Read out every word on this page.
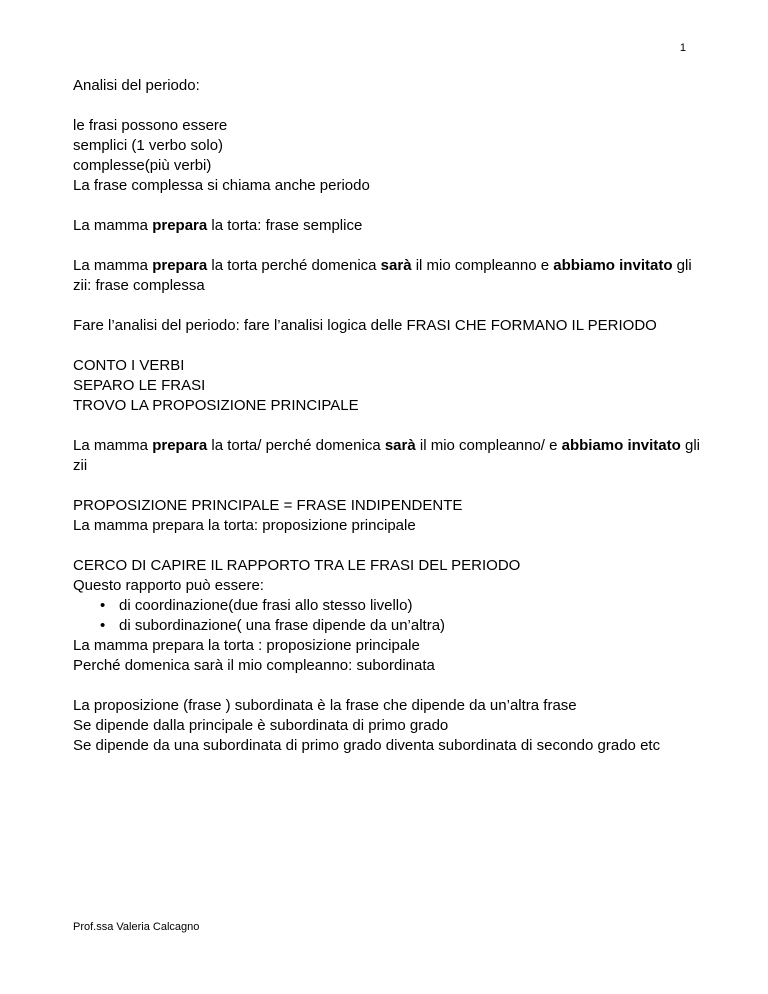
1
Analisi del periodo:
le frasi possono essere
semplici (1 verbo solo)
complesse(più verbi)
La frase complessa si chiama anche periodo
La mamma prepara la torta: frase semplice
La mamma prepara la torta perché domenica sarà il mio compleanno e abbiamo invitato gli zii: frase complessa
Fare l’analisi del periodo: fare l’analisi logica delle FRASI CHE FORMANO IL PERIODO
CONTO I VERBI
SEPARO LE FRASI
TROVO LA PROPOSIZIONE PRINCIPALE
La mamma prepara la torta/ perché domenica sarà il mio compleanno/ e abbiamo invitato gli zii
PROPOSIZIONE PRINCIPALE = FRASE INDIPENDENTE
La mamma prepara la torta: proposizione principale
CERCO DI CAPIRE IL RAPPORTO TRA LE FRASI DEL PERIODO
Questo rapporto può essere:
• di coordinazione(due frasi allo stesso livello)
• di subordinazione( una frase dipende da un’altra)
La mamma prepara la torta : proposizione principale
Perché domenica sarà il mio compleanno: subordinata
La proposizione (frase ) subordinata è la frase che dipende da un’altra frase
Se dipende dalla principale è subordinata di primo grado
Se dipende da una subordinata di primo grado diventa subordinata di secondo grado etc
Prof.ssa Valeria Calcagno
